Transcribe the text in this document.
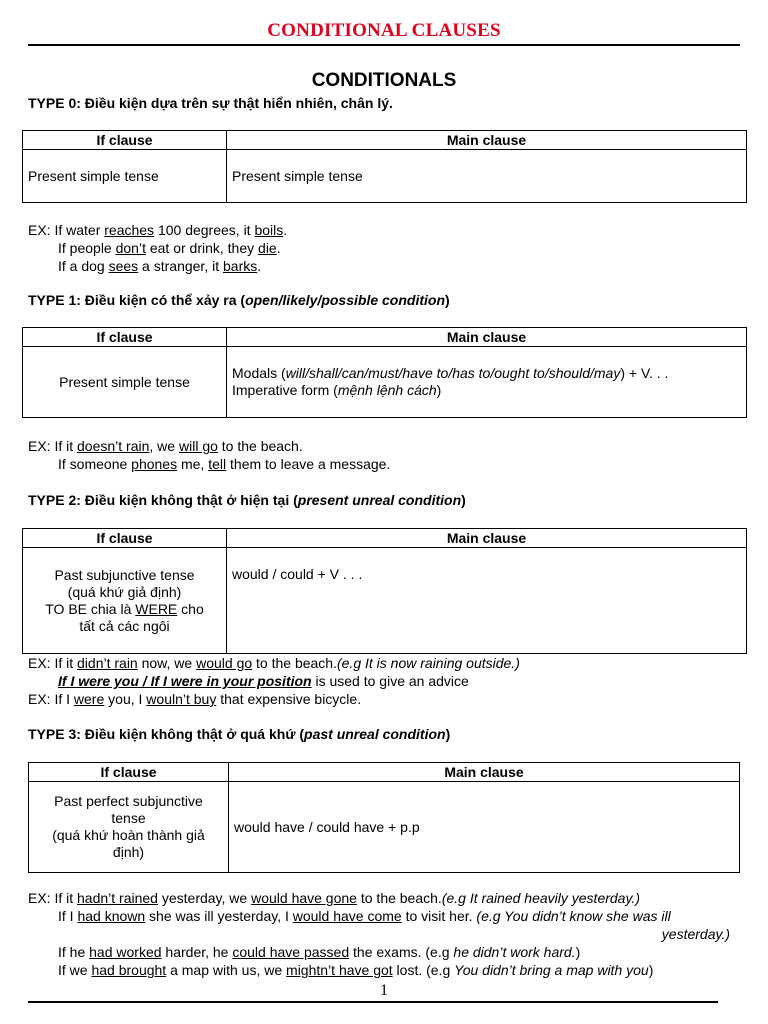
CONDITIONAL CLAUSES
CONDITIONALS
TYPE 0: Điều kiện dựa trên sự thật hiển nhiên, chân lý.
If clause	Main clause
Present simple tense	Present simple tense
EX: If water reaches 100 degrees, it boils.
If people don’t eat or drink, they die.
If a dog sees a stranger, it barks.
TYPE 1: Điều kiện có thể xảy ra (open/likely/possible condition)
If clause	Main clause
Present simple tense	Modals (will/shall/can/must/have to/has to/ought to/should/may) + V. . .
Imperative form (mệnh lệnh cách)
EX: If it doesn’t rain, we will go to the beach.
If someone phones me, tell them to leave a message.
TYPE 2: Điều kiện không thật ở hiện tại (present unreal condition)
If clause	Main clause

Past subjunctive tense
(quá khứ giả định)
TO BE chia là WERE cho
tất cả các ngôi	would / could + V . . .
EX: If it didn’t rain now, we would go to the beach.(e.g It is now raining outside.)
If I were you / If I were in your position is used to give an advice
EX: If I were you, I wouln’t buy that expensive bicycle.
TYPE 3: Điều kiện không thật ở quá khứ (past unreal condition)
If clause	Main clause

Past perfect subjunctive
tense
(quá khứ hoàn thành giả
định)	would have / could have + p.p
EX: If it hadn’t rained yesterday, we would have gone to the beach.(e.g It rained heavily yesterday.)
If I had known she was ill yesterday, I would have come to visit her. (e.g You didn’t know she was ill
yesterday.)
If he had worked harder, he could have passed the exams. (e.g he didn’t work hard.)
If we had brought a map with us, we mightn’t have got lost. (e.g You didn’t bring a map with you)
1
